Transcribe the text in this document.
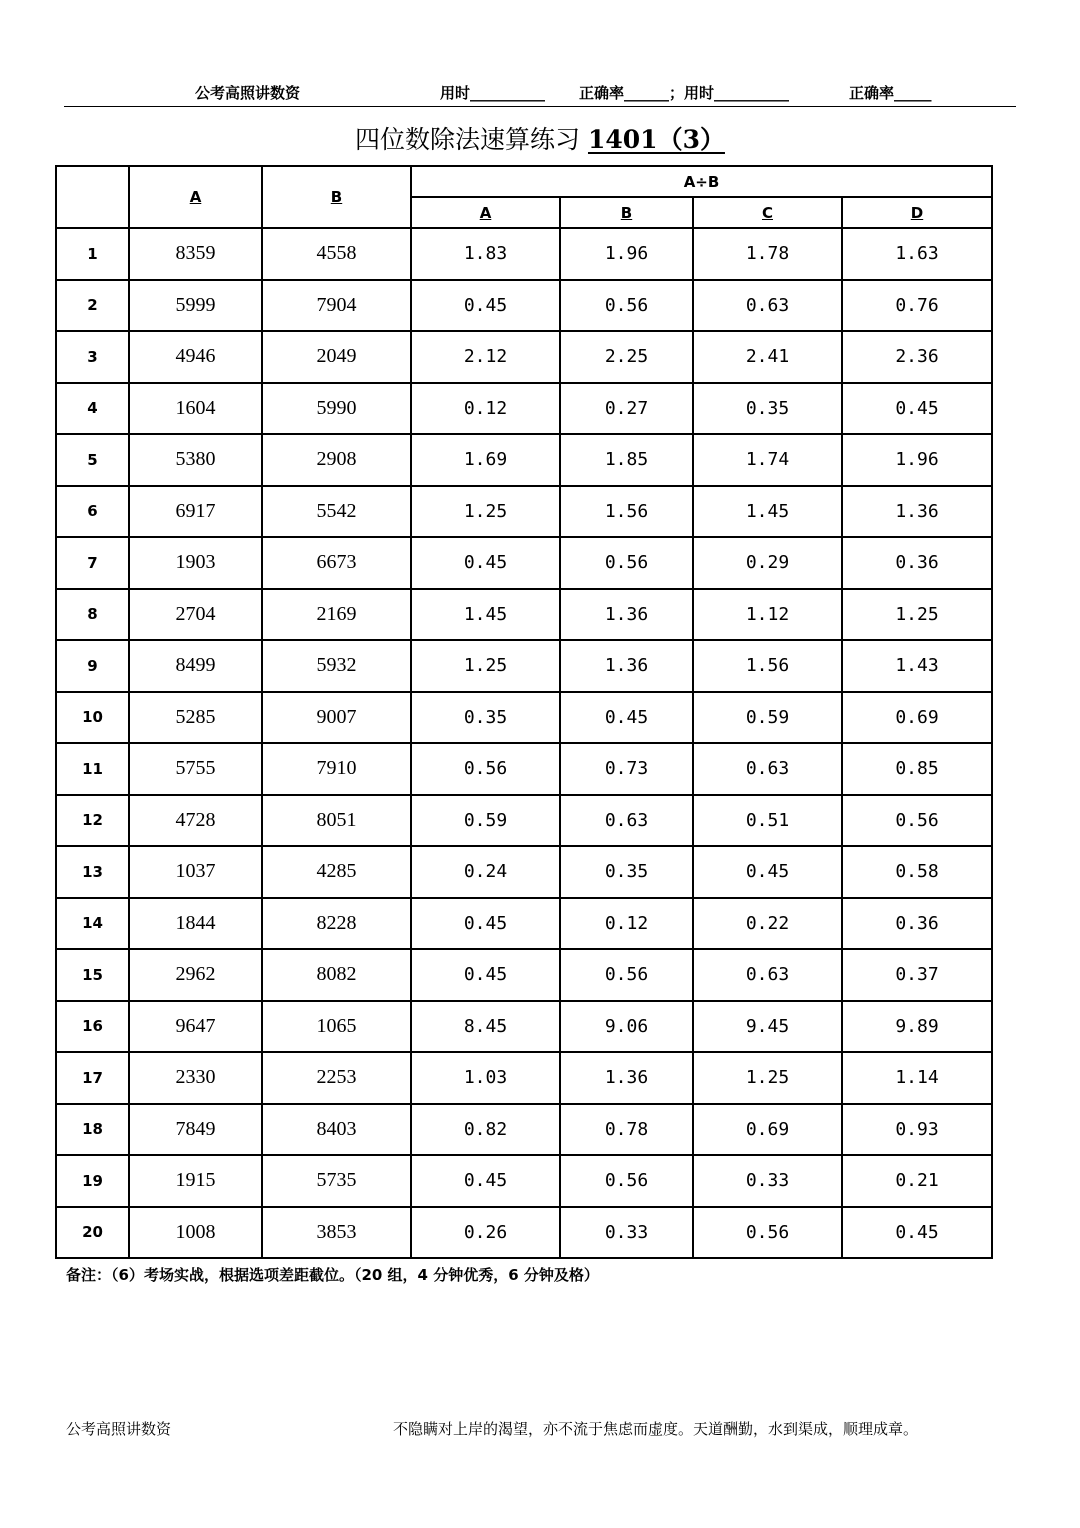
公考高照讲数资	用时__________ 正确率______；用时__________	正确率_____
四位数除法速算练习 1401（3）
	A	B	A÷B			
			A	B	C	D
1	8359	4558	1.83	1.96	1.78	1.63
2	5999	7904	0.45	0.56	0.63	0.76
3	4946	2049	2.12	2.25	2.41	2.36
4	1604	5990	0.12	0.27	0.35	0.45
5	5380	2908	1.69	1.85	1.74	1.96
6	6917	5542	1.25	1.56	1.45	1.36
7	1903	6673	0.45	0.56	0.29	0.36
8	2704	2169	1.45	1.36	1.12	1.25
9	8499	5932	1.25	1.36	1.56	1.43
10	5285	9007	0.35	0.45	0.59	0.69
11	5755	7910	0.56	0.73	0.63	0.85
12	4728	8051	0.59	0.63	0.51	0.56
13	1037	4285	0.24	0.35	0.45	0.58
14	1844	8228	0.45	0.12	0.22	0.36
15	2962	8082	0.45	0.56	0.63	0.37
16	9647	1065	8.45	9.06	9.45	9.89
17	2330	2253	1.03	1.36	1.25	1.14
18	7849	8403	0.82	0.78	0.69	0.93
19	1915	5735	0.45	0.56	0.33	0.21
20	1008	3853	0.26	0.33	0.56	0.45
备注：（6）考场实战，根据选项差距截位。（20 组，4 分钟优秀，6 分钟及格）
公考高照讲数资	不隐瞒对上岸的渴望，亦不流于焦虑而虚度。天道酬勤，水到渠成，顺理成章。
